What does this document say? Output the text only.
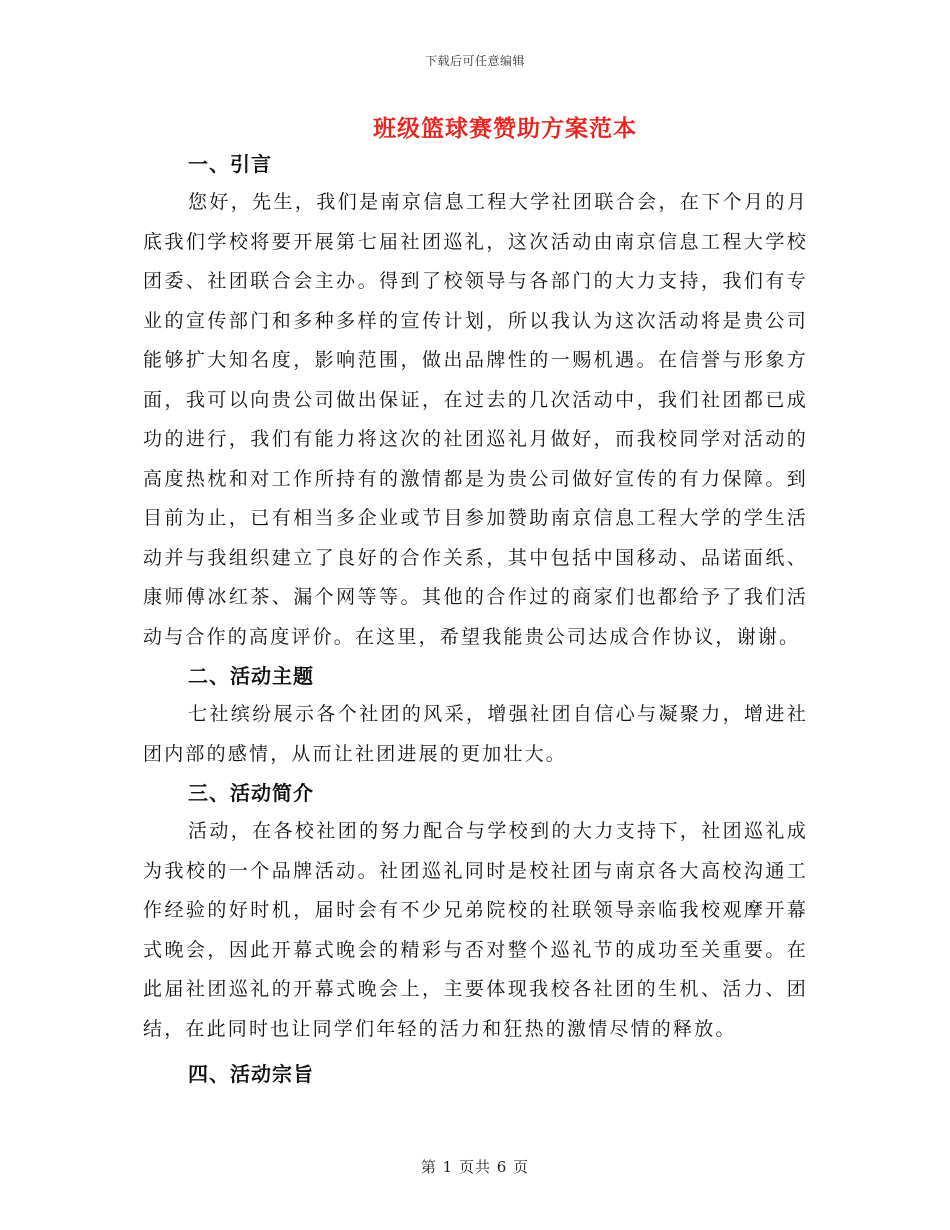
下载后可任意编辑
班级篮球赛赞助方案范本

一、引言

您好，先生，我们是南京信息工程大学社团联合会，在下个月的月底我们学校将要开展第七届社团巡礼，这次活动由南京信息工程大学校团委、社团联合会主办。得到了校领导与各部门的大力支持，我们有专业的宣传部门和多种多样的宣传计划，所以我认为这次活动将是贵公司能够扩大知名度，影响范围，做出品牌性的一赐机遇。在信誉与形象方面，我可以向贵公司做出保证，在过去的几次活动中，我们社团都已成功的进行，我们有能力将这次的社团巡礼月做好，而我校同学对活动的高度热枕和对工作所持有的激情都是为贵公司做好宣传的有力保障。到目前为止，已有相当多企业或节目参加赞助南京信息工程大学的学生活动并与我组织建立了良好的合作关系，其中包括中国移动、品诺面纸、康师傅冰红茶、漏个网等等。其他的合作过的商家们也都给予了我们活动与合作的高度评价。在这里，希望我能贵公司达成合作协议，谢谢。

二、活动主题

七社缤纷展示各个社团的风采，增强社团自信心与凝聚力，增进社团内部的感情，从而让社团进展的更加壮大。

三、活动简介

活动，在各校社团的努力配合与学校到的大力支持下，社团巡礼成为我校的一个品牌活动。社团巡礼同时是校社团与南京各大高校沟通工作经验的好时机，届时会有不少兄弟院校的社联领导亲临我校观摩开幕式晚会，因此开幕式晚会的精彩与否对整个巡礼节的成功至关重要。在此届社团巡礼的开幕式晚会上，主要体现我校各社团的生机、活力、团结，在此同时也让同学们年轻的活力和狂热的激情尽情的释放。

四、活动宗旨

第 1 页共 6 页
